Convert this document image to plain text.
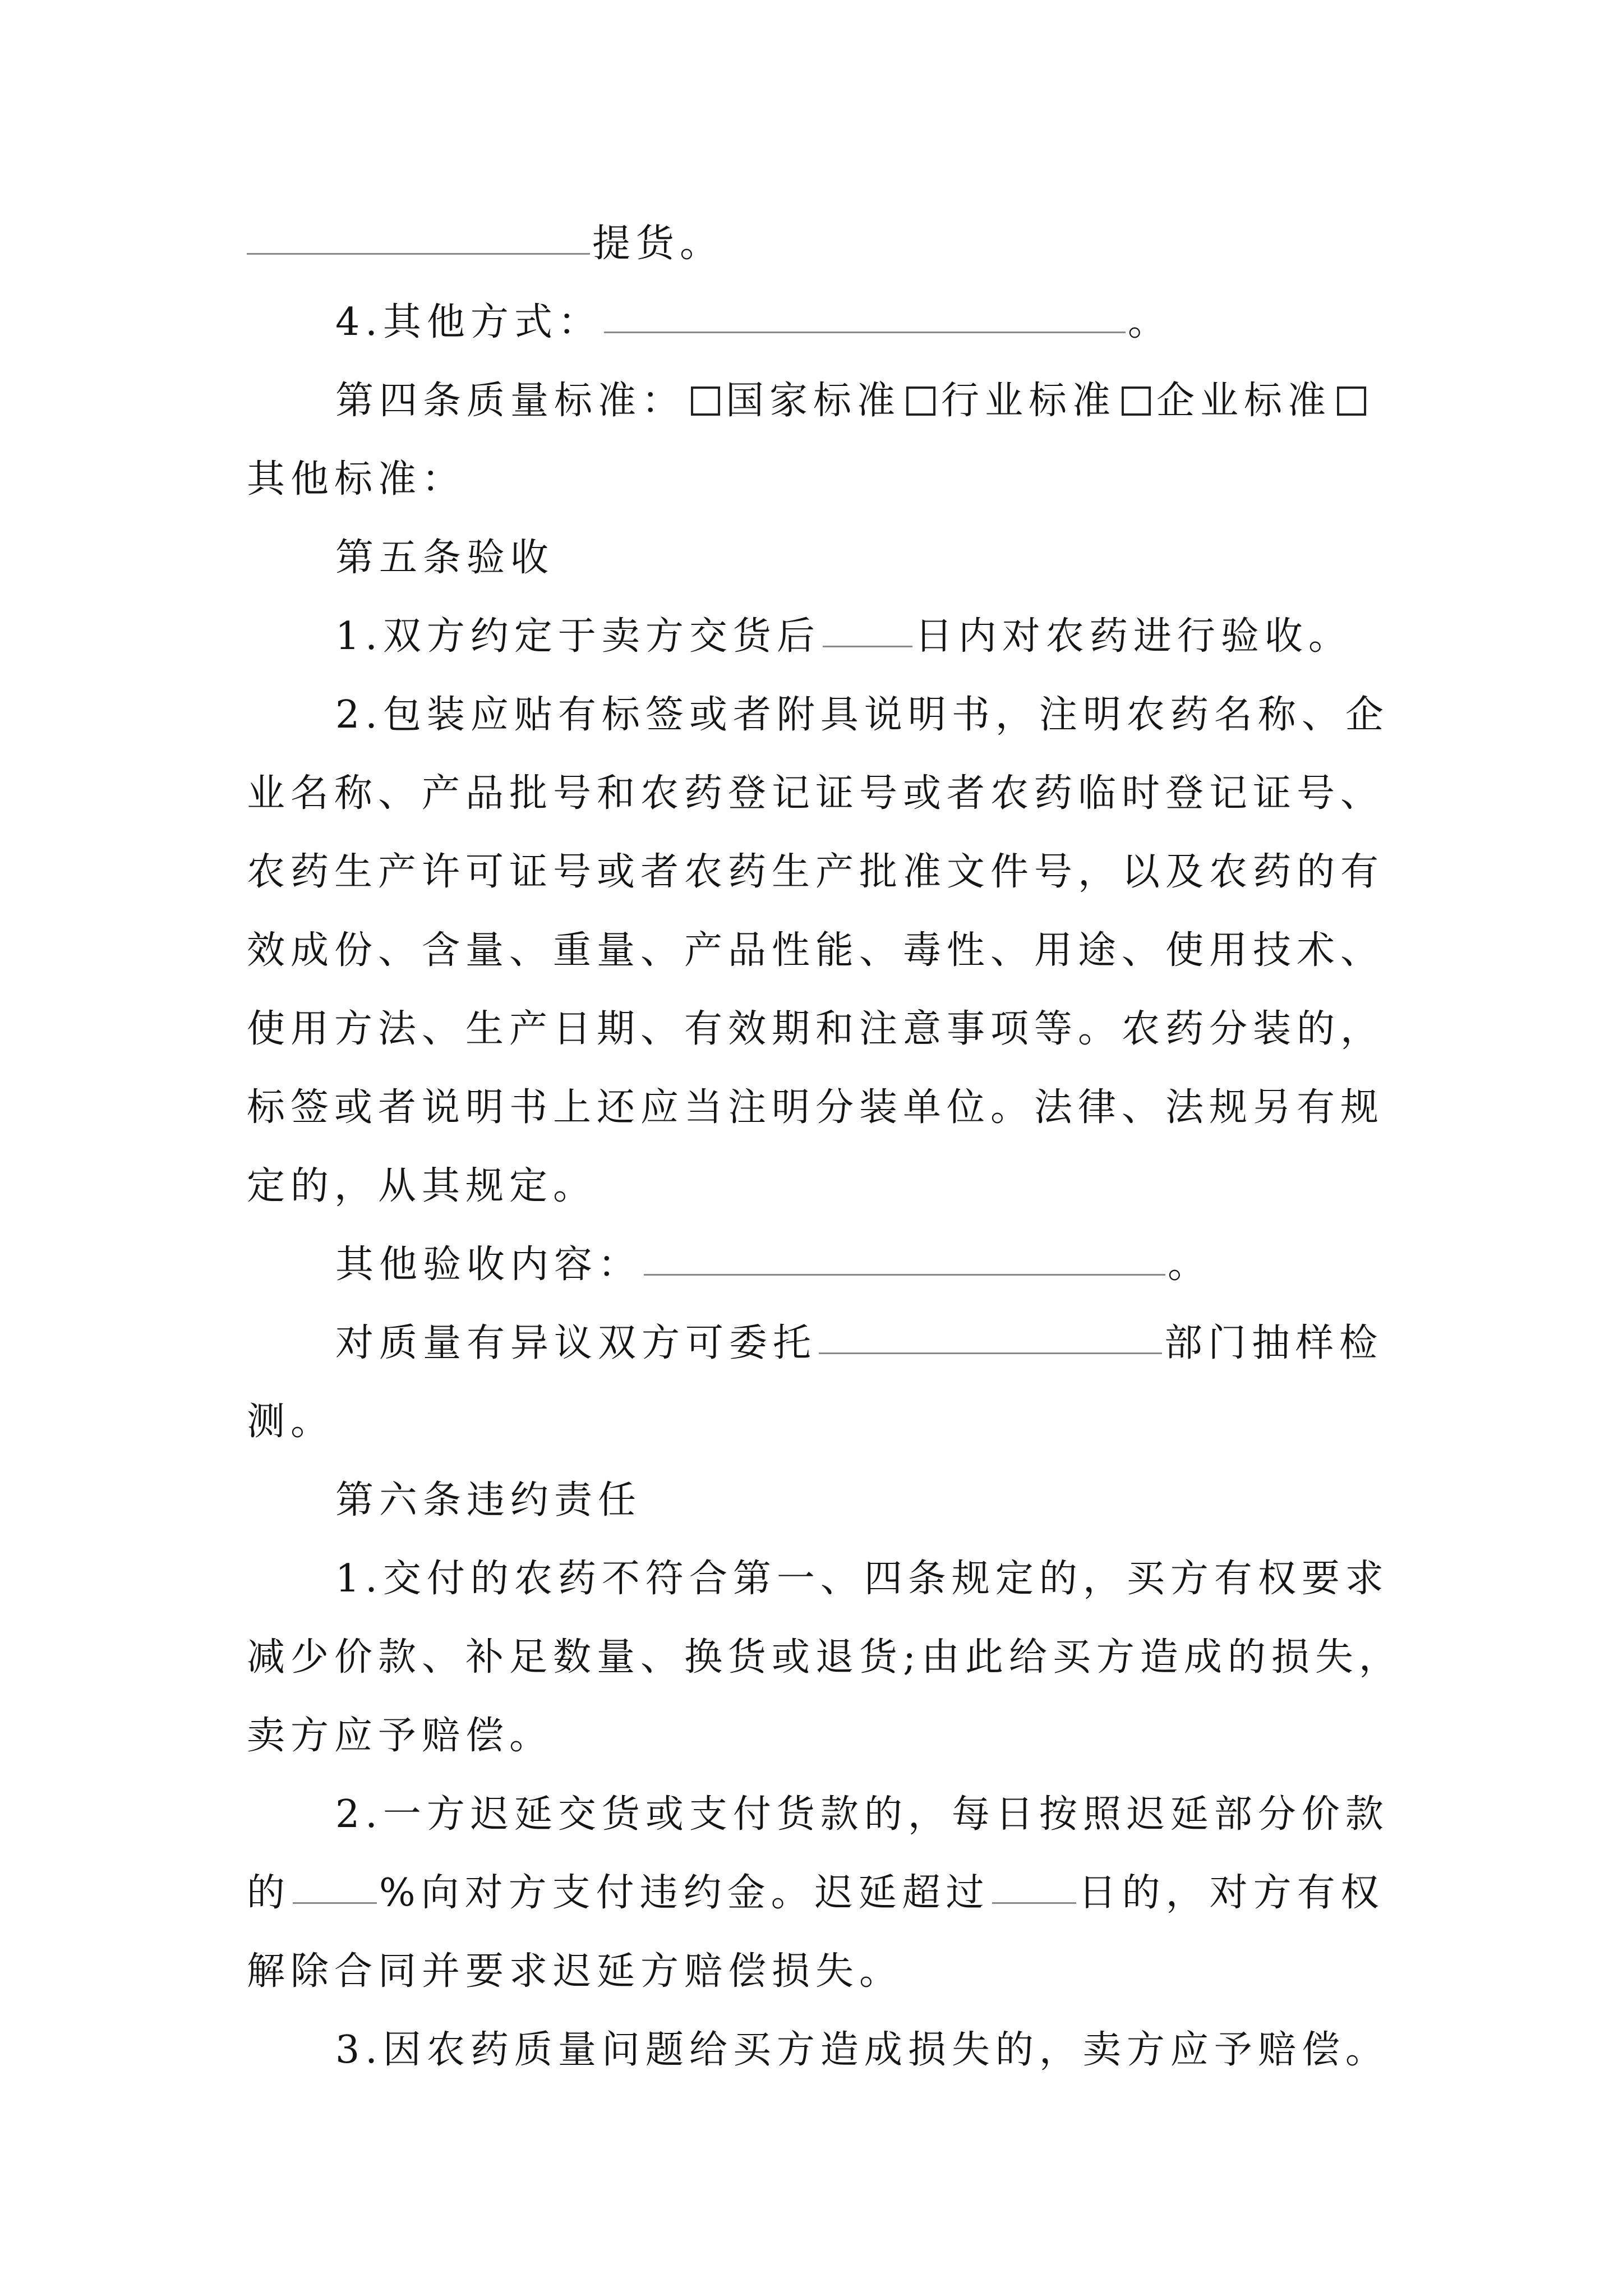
提货。
4.其他方式：	。
第四条质量标准： 国家标准 行业标准 企业标准
其他标准：
第五条验收
1.双方约定于卖方交货后 日内对农药进行验收。
2.包装应贴有标签或者附具说明书，注明农药名称、企
业名称、产品批号和农药登记证号或者农药临时登记证号、
农药生产许可证号或者农药生产批准文件号，以及农药的有
效成份、含量、重量、产品性能、毒性、用途、使用技术、
使用方法、生产日期、有效期和注意事项等。农药分装的，
标签或者说明书上还应当注明分装单位。法律、法规另有规
定的，从其规定。
其他验收内容：	。
对质量有异议双方可委托	部门抽样检
测。
第六条违约责任
1.交付的农药不符合第一、四条规定的，买方有权要求
减少价款、补足数量、换货或退货;由此给买方造成的损失，
卖方应予赔偿。
2.一方迟延交货或支付货款的，每日按照迟延部分价款
的 %向对方支付违约金。迟延超过 日的，对方有权
解除合同并要求迟延方赔偿损失。
3.因农药质量问题给买方造成损失的，卖方应予赔偿。
